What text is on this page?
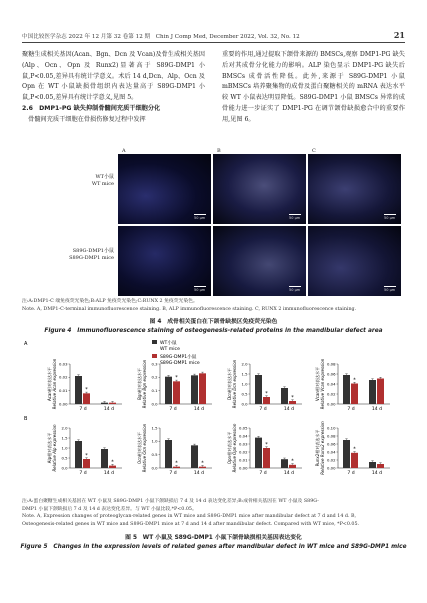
中国比较医学杂志 2022 年 12 月第 32 卷第 12 期　Chin J Comp Med, December 2022, Vol. 32, No. 12	21

聚糖生成相关基因(Acan、Bgn、Dcn 及 Vcan)及骨生成相关基因(Alp、Ocn、Opn 及 Runx2)显著高于 S89G-DMP1 小鼠,P<0.05,差异具有统计学意义。术后 14 d,Dcn、Alp、Ocn 及 Opn 在 WT 小鼠缺损骨组织内表达量高于 S89G-DMP1 小鼠,P<0.05,差异具有统计学意义,见图 5。

2.6　DMP1-PG 缺失抑制骨髓间充质干细胞分化

　骨髓间充质干细胞在骨损伤修复过程中发挥

重要的作用,通过提取下颌骨来源的 BMSCs,观察 DMP1-PG 缺失后对其成骨分化能力的影响。ALP 染色显示 DMP1-PG 缺失后 BMSCs 成骨活性降低。此外,来源于 S89G-DMP1 小鼠 mBMSCs 培养聚集物的成骨及蛋白聚糖相关的 mRNA 表达水平较 WT 小鼠表达明显降低。S89G-DMP1 小鼠 BMSCs 异常的成骨能力进一步证实了 DMP1-PG 在调节颌骨缺损愈合中的重要作用,见图 6。

A	B	C
WT小鼠
WT mice
S89G-DMP1小鼠
S89G-DMP1 mice
50 μm	50 μm	50 μm
50 μm	50 μm	50 μm
注:A:DMP1-C 端免疫荧光染色;B:ALP 免疫荧光染色;C:RUNX 2 免疫荧光染色。
Note. A, DMP1-C-terminal immunofluorescence staining. B, ALP immunofluorescence staining. C, RUNX 2 immunofluorescence staining.
图 4　成骨相关蛋白在下颌骨缺损区免疫荧光染色
Figure 4　Immunofluorescence staining of osteogenesis-related proteins in the mandibular defect area
A
B
WT小鼠
WT mice
S89G-DMP1小鼠
S89G-DMP1 mice
0.00
0.01
0.02
0.03
Acan相对表达水平 Relative Acan expression	*
7 d	14 d
0.0
0.1
0.2
0.3
Bgn相对表达水平 Relative Bgn expression	*
7 d	14 d
0.0
0.5
1.0
1.5
2.0
Dcn相对表达水平 Relative Dcn expression	*
7 d
*
14 d
0.00
0.02
0.04
0.06
0.08
Vcan相对表达水平 Relative Vcan expression	*
7 d	14 d
0.0
0.5
1.0
1.5
2.0
Alp相对表达水平 Relative Alp expression	*
7 d
*
14 d
0.0
0.5
1.0
1.5
Ocn相对表达水平 Relative Ocn expression	*
7 d
*
14 d
0.00
0.01
0.02
0.03
0.04
0.05
Opn相对表达水平 Relative Opn expression	*
7 d
*
14 d
0.00
0.02
0.04
0.06
0.08
0.10
Runx2相对表达水平 Relative Runx2 expression	*
7 d	14 d
注:A:蛋白聚糖生成相关基因在 WT 小鼠及 S89G-DMP1 小鼠下颌缺损后 7 d 及 14 d 表达变化差异;B:成骨相关基因在 WT 小鼠及 S89G-
DMP1 小鼠下颌缺损后 7 d 及 14 d 表达变化差异。与 WT 小鼠比较,*P<0.05。
Note. A, Expression changes of proteoglycan-related genes in WT mice and S89G-DMP1 mice after mandibular defect at 7 d and 14 d. B,
Osteogenesis-related genes in WT mice and S89G-DMP1 mice at 7 d and 14 d after mandibular defect. Compared with WT mice, *P<0.05.
图 5　WT 小鼠及 S89G-DMP1 小鼠下颌骨缺损相关基因表达变化
Figure 5　Changes in the expression levels of related genes after mandibular defect in WT mice and S89G-DMP1 mice
